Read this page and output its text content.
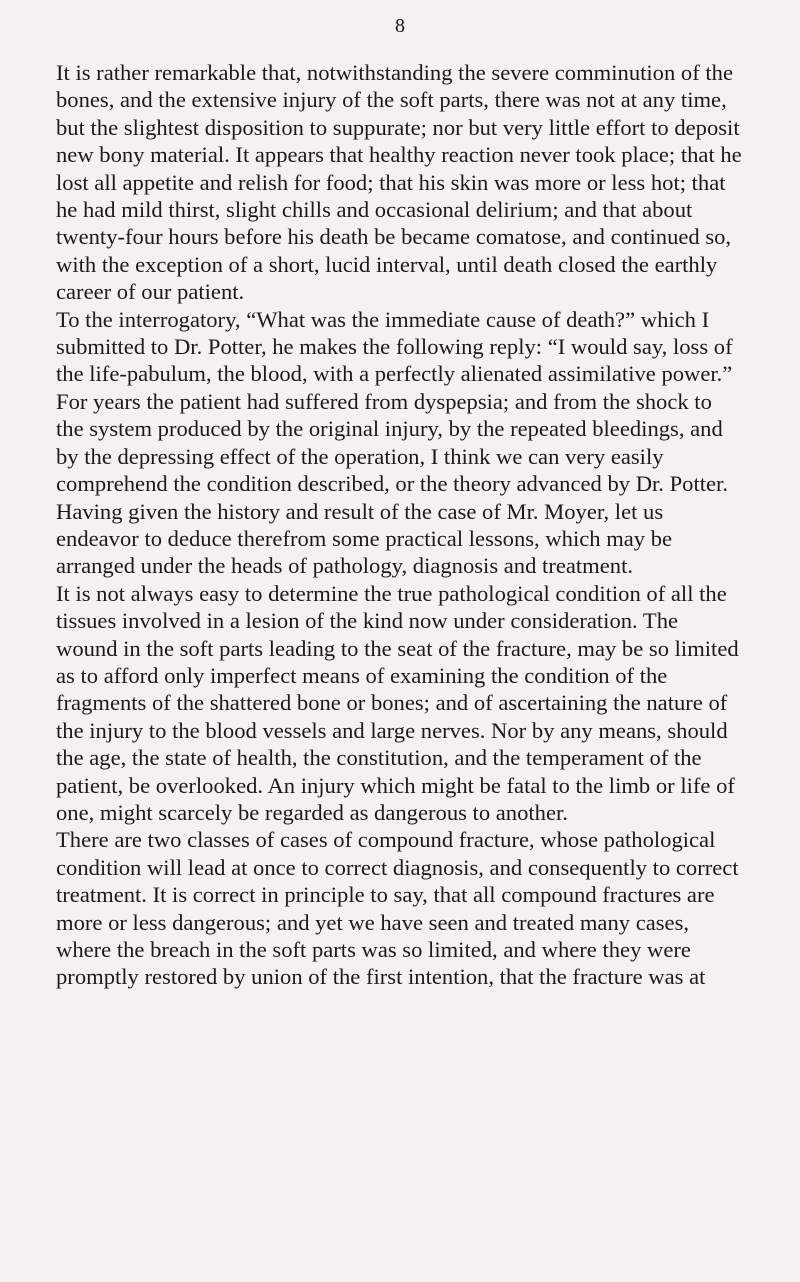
8

It is rather remarkable that, notwithstanding the severe comminution of the bones, and the extensive injury of the soft parts, there was not at any time, but the slightest disposition to suppurate; nor but very little effort to deposit new bony material. It appears that healthy reaction never took place; that he lost all appetite and relish for food; that his skin was more or less hot; that he had mild thirst, slight chills and occasional delirium; and that about twenty-four hours before his death be became comatose, and continued so, with the exception of a short, lucid interval, until death closed the earthly career of our patient.

To the interrogatory, “What was the immediate cause of death?” which I submitted to Dr. Potter, he makes the following reply: “I would say, loss of the life-pabulum, the blood, with a perfectly alienated assimilative power.” For years the patient had suffered from dyspepsia; and from the shock to the system produced by the original injury, by the repeated bleedings, and by the depressing effect of the operation, I think we can very easily comprehend the condition described, or the theory advanced by Dr. Potter.

Having given the history and result of the case of Mr. Moyer, let us endeavor to deduce therefrom some practical lessons, which may be arranged under the heads of pathology, diagnosis and treatment.

It is not always easy to determine the true pathological condition of all the tissues involved in a lesion of the kind now under consideration. The wound in the soft parts leading to the seat of the fracture, may be so limited as to afford only imperfect means of examining the condition of the fragments of the shattered bone or bones; and of ascertaining the nature of the injury to the blood vessels and large nerves. Nor by any means, should the age, the state of health, the constitution, and the temperament of the patient, be overlooked. An injury which might be fatal to the limb or life of one, might scarcely be regarded as dangerous to another.

There are two classes of cases of compound fracture, whose pathological condition will lead at once to correct diagnosis, and consequently to correct treatment. It is correct in principle to say, that all compound fractures are more or less dangerous; and yet we have seen and treated many cases, where the breach in the soft parts was so limited, and where they were promptly restored by union of the first intention, that the fracture was at
